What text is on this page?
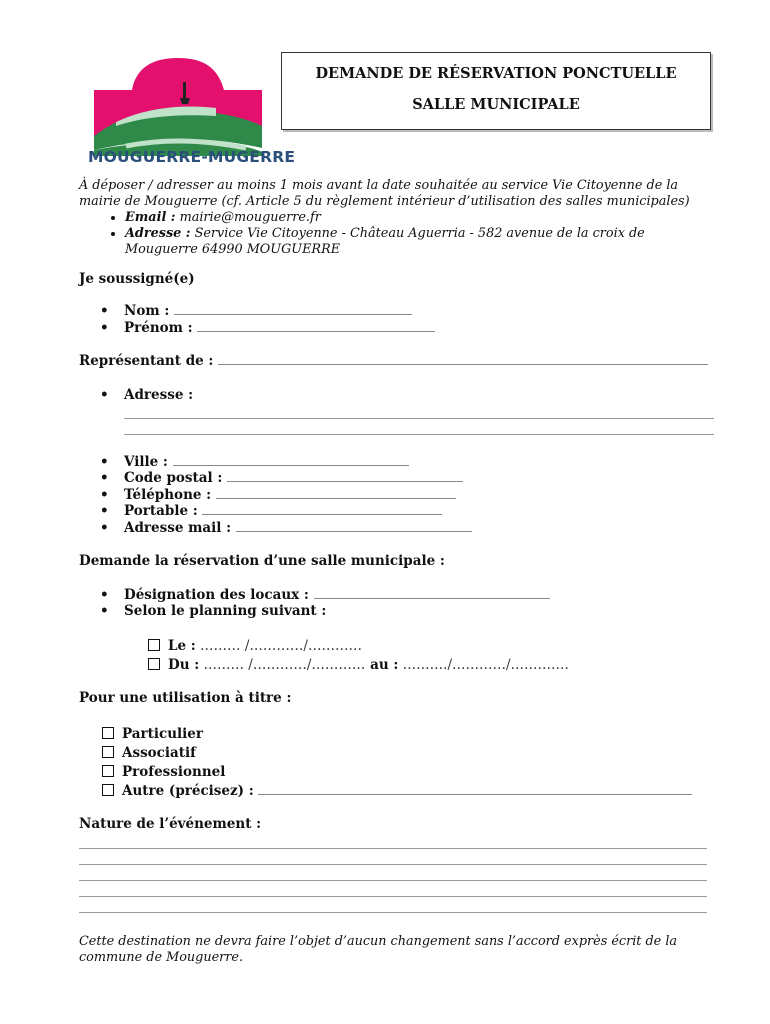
MOUGUERRE-MUGERRE
DEMANDE DE RÉSERVATION PONCTUELLE
SALLE MUNICIPALE
À déposer / adresser au moins 1 mois avant la date souhaitée au service Vie Citoyenne de la mairie de Mouguerre (cf. Article 5 du règlement intérieur d’utilisation des salles municipales)
• Email : mairie@mouguerre.fr
• Adresse : Service Vie Citoyenne - Château Aguerria - 582 avenue de la croix de Mouguerre 64990 MOUGUERRE
Je soussigné(e)
• Nom :
• Prénom :
Représentant de :
• Adresse :
• Ville :
• Code postal :
• Téléphone :
• Portable :
• Adresse mail :
Demande la réservation d’une salle municipale :
• Désignation des locaux :
• Selon le planning suivant :
Le : ……… /…………/…………
Du : ……… /…………/………… au : ………./…………/………….
Pour une utilisation à titre :
Particulier
Associatif
Professionnel
Autre (précisez) :
Nature de l’événement :
Cette destination ne devra faire l’objet d’aucun changement sans l’accord exprès écrit de la commune de Mouguerre.
